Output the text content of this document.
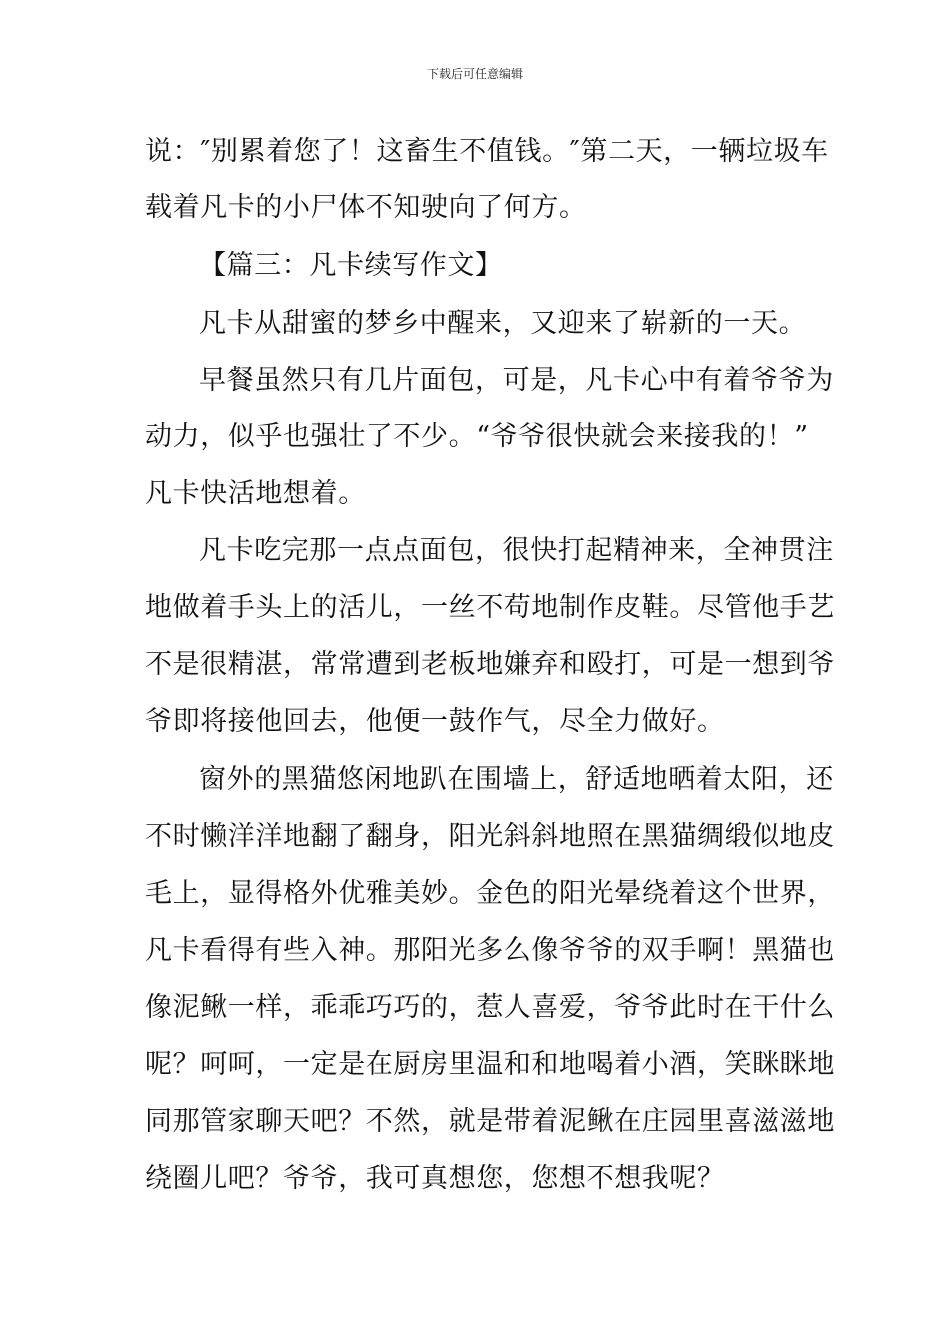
下载后可任意编辑
说：″别累着您了！这畜生不值钱。″第二天，一辆垃圾车
载着凡卡的小尸体不知驶向了何方。
【篇三：凡卡续写作文】
凡卡从甜蜜的梦乡中醒来，又迎来了崭新的一天。
早餐虽然只有几片面包，可是，凡卡心中有着爷爷为
动力，似乎也强壮了不少。“爷爷很快就会来接我的！”
凡卡快活地想着。
凡卡吃完那一点点面包，很快打起精神来，全神贯注
地做着手头上的活儿，一丝不苟地制作皮鞋。尽管他手艺
不是很精湛，常常遭到老板地嫌弃和殴打，可是一想到爷
爷即将接他回去，他便一鼓作气，尽全力做好。
窗外的黑猫悠闲地趴在围墙上，舒适地晒着太阳，还
不时懒洋洋地翻了翻身，阳光斜斜地照在黑猫绸缎似地皮
毛上，显得格外优雅美妙。金色的阳光晕绕着这个世界，
凡卡看得有些入神。那阳光多么像爷爷的双手啊！黑猫也
像泥鳅一样，乖乖巧巧的，惹人喜爱，爷爷此时在干什么
呢？呵呵，一定是在厨房里温和和地喝着小酒，笑眯眯地
同那管家聊天吧？不然，就是带着泥鳅在庄园里喜滋滋地
绕圈儿吧？爷爷，我可真想您，您想不想我呢？
